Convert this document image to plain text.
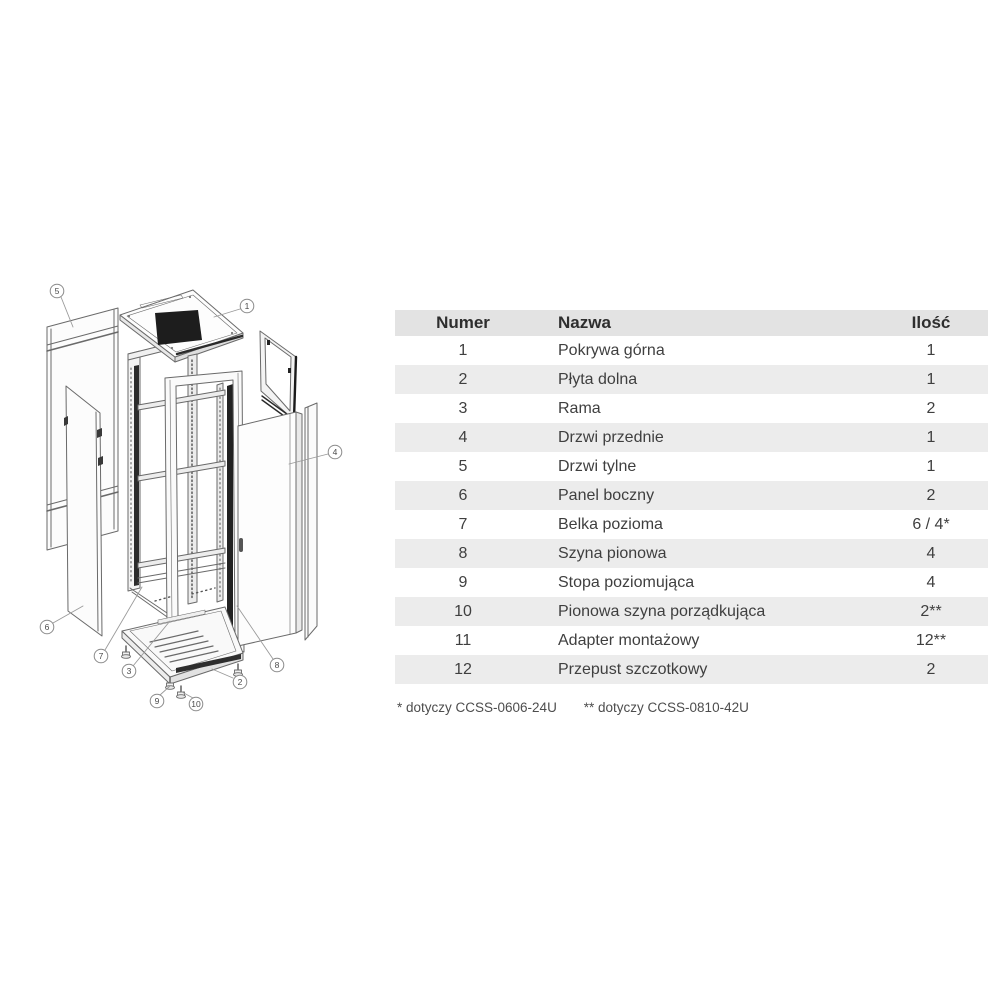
1
2
3
4
5
6
7
8
9	10
Numer	Nazwa	Ilość
1	Pokrywa górna	1
2	Płyta dolna	1
3	Rama	2
4	Drzwi przednie	1
5	Drzwi tylne	1
6	Panel boczny	2
7	Belka pozioma	6 / 4*
8	Szyna pionowa	4
9	Stopa poziomująca	4
10	Pionowa szyna porządkująca	2**
11	Adapter montażowy	12**
12	Przepust szczotkowy	2
* dotyczy CCSS-0606-24U ** dotyczy CCSS-0810-42U
